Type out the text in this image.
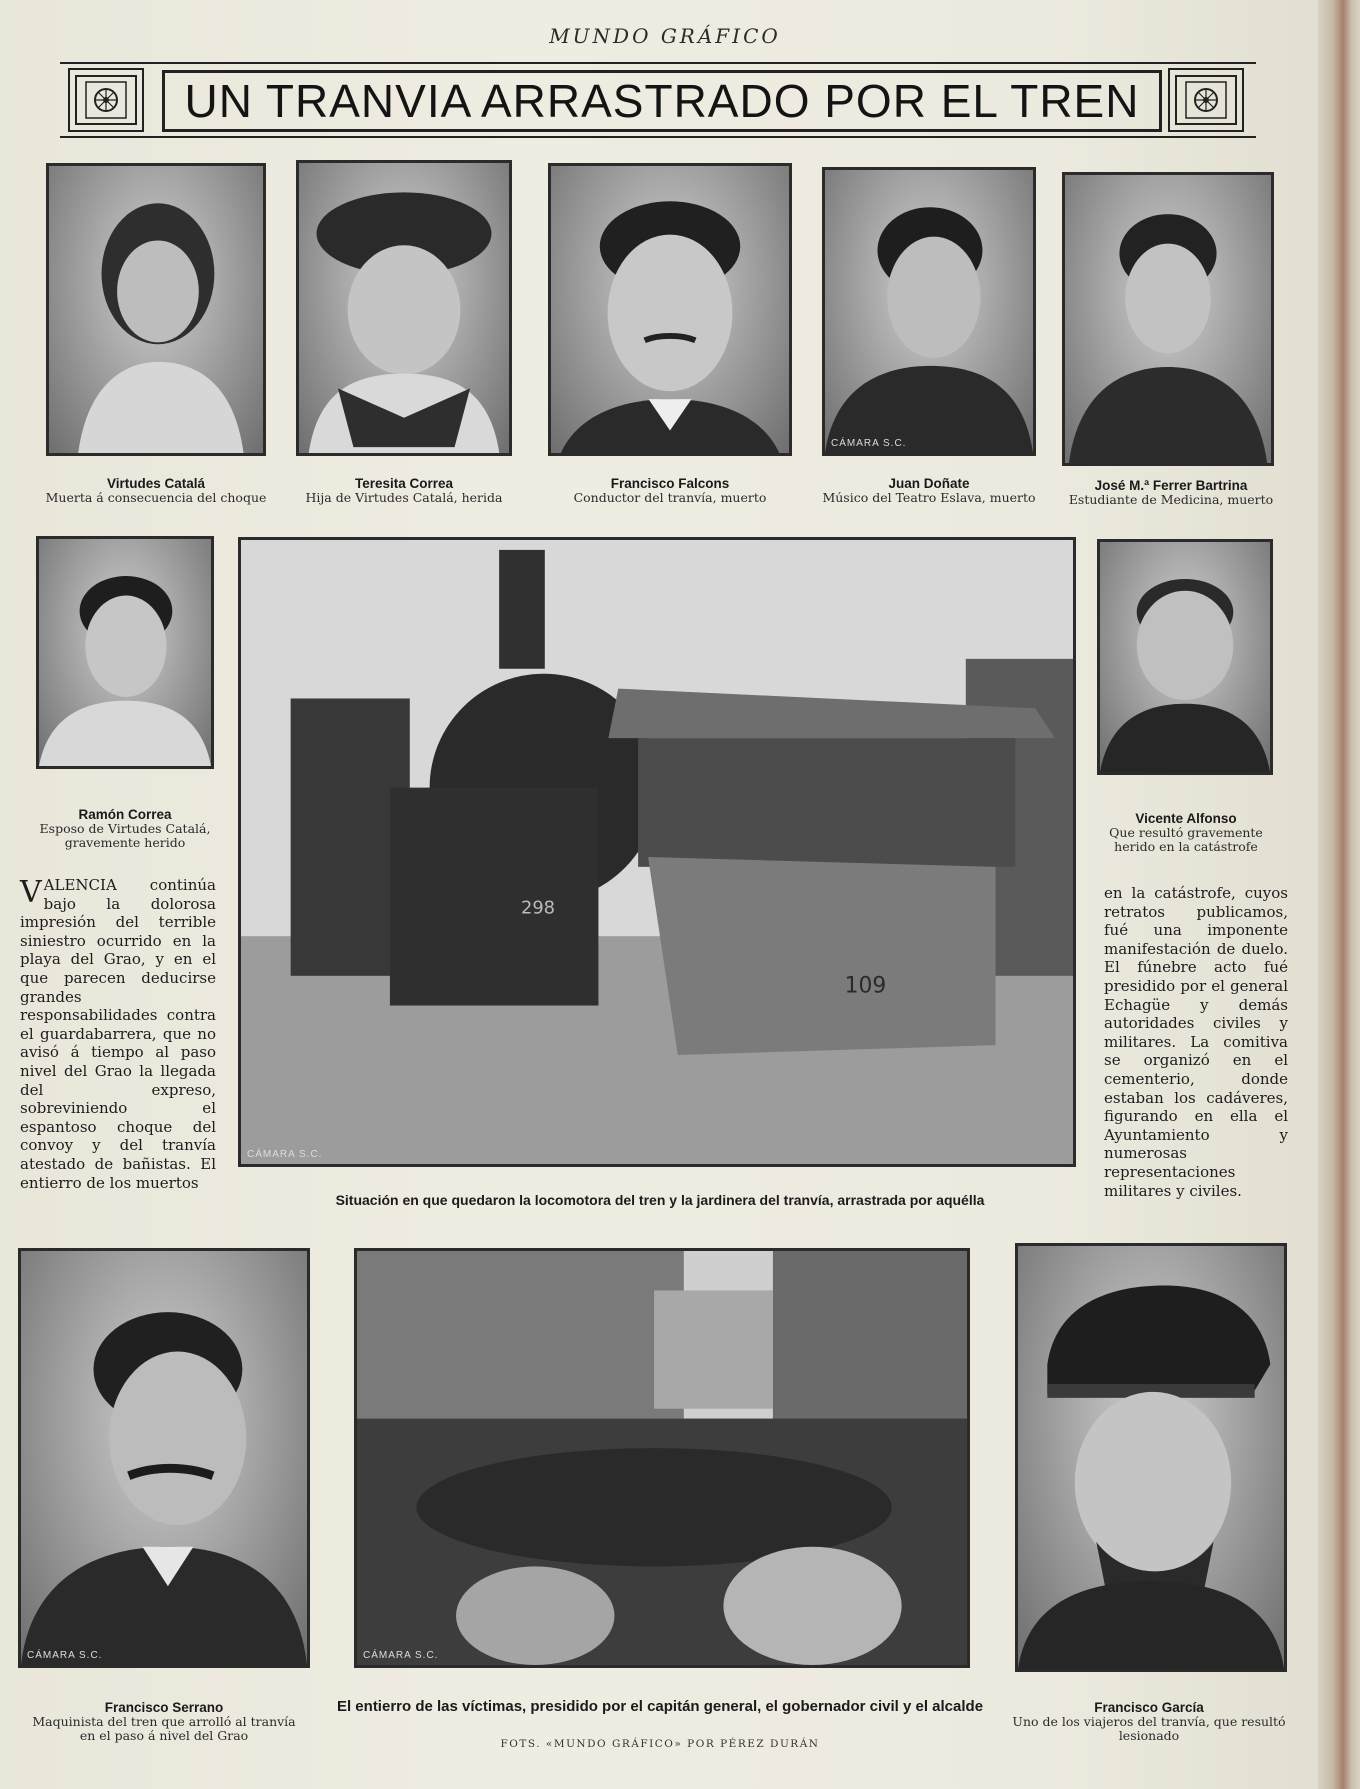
MUNDO GRÁFICO
UN TRANVIA ARRASTRADO POR EL TREN
Virtudes Catalá
Muerta á consecuencia del choque
Teresita Correa
Hija de Virtudes Catalá, herida
Francisco Falcons
Conductor del tranvía, muerto
CÁMARA S.C.
Juan Doñate
Músico del Teatro Eslava, muerto
José M.ª Ferrer Bartrina
Estudiante de Medicina, muerto
Ramón Correa
Esposo de Virtudes Catalá,
gravemente herido
298
109
CÁMARA S.C.
Situación en que quedaron la locomotora del tren y la jardinera del tranvía, arrastrada por aquélla
Vicente Alfonso
Que resultó gravemente
herido en la catástrofe
VALENCIA continúa bajo la dolorosa impresión del terrible siniestro ocurrido en la playa del Grao, y en el que parecen deducirse grandes responsabilidades contra el guardabarrera, que no avisó á tiempo al paso nivel del Grao la llegada del expreso, sobreviniendo el espantoso choque del convoy y del tranvía atestado de bañistas. El entierro de los muertos
en la catástrofe, cuyos retratos publicamos, fué una imponente manifestación de duelo. El fúnebre acto fué presidido por el general Echagüe y demás autoridades civiles y militares. La comitiva se organizó en el cementerio, donde estaban los cadáveres, figurando en ella el Ayuntamiento y numerosas representaciones militares y civiles.
CÁMARA S.C.
Francisco Serrano
Maquinista del tren que arrolló al tranvía
en el paso á nivel del Grao
CÁMARA S.C.
El entierro de las víctimas, presidido por el capitán general, el gobernador civil y el alcalde
FOTS. «MUNDO GRÁFICO» POR PÉREZ DURÁN
Francisco García
Uno de los viajeros del tranvía, que resultó
lesionado
